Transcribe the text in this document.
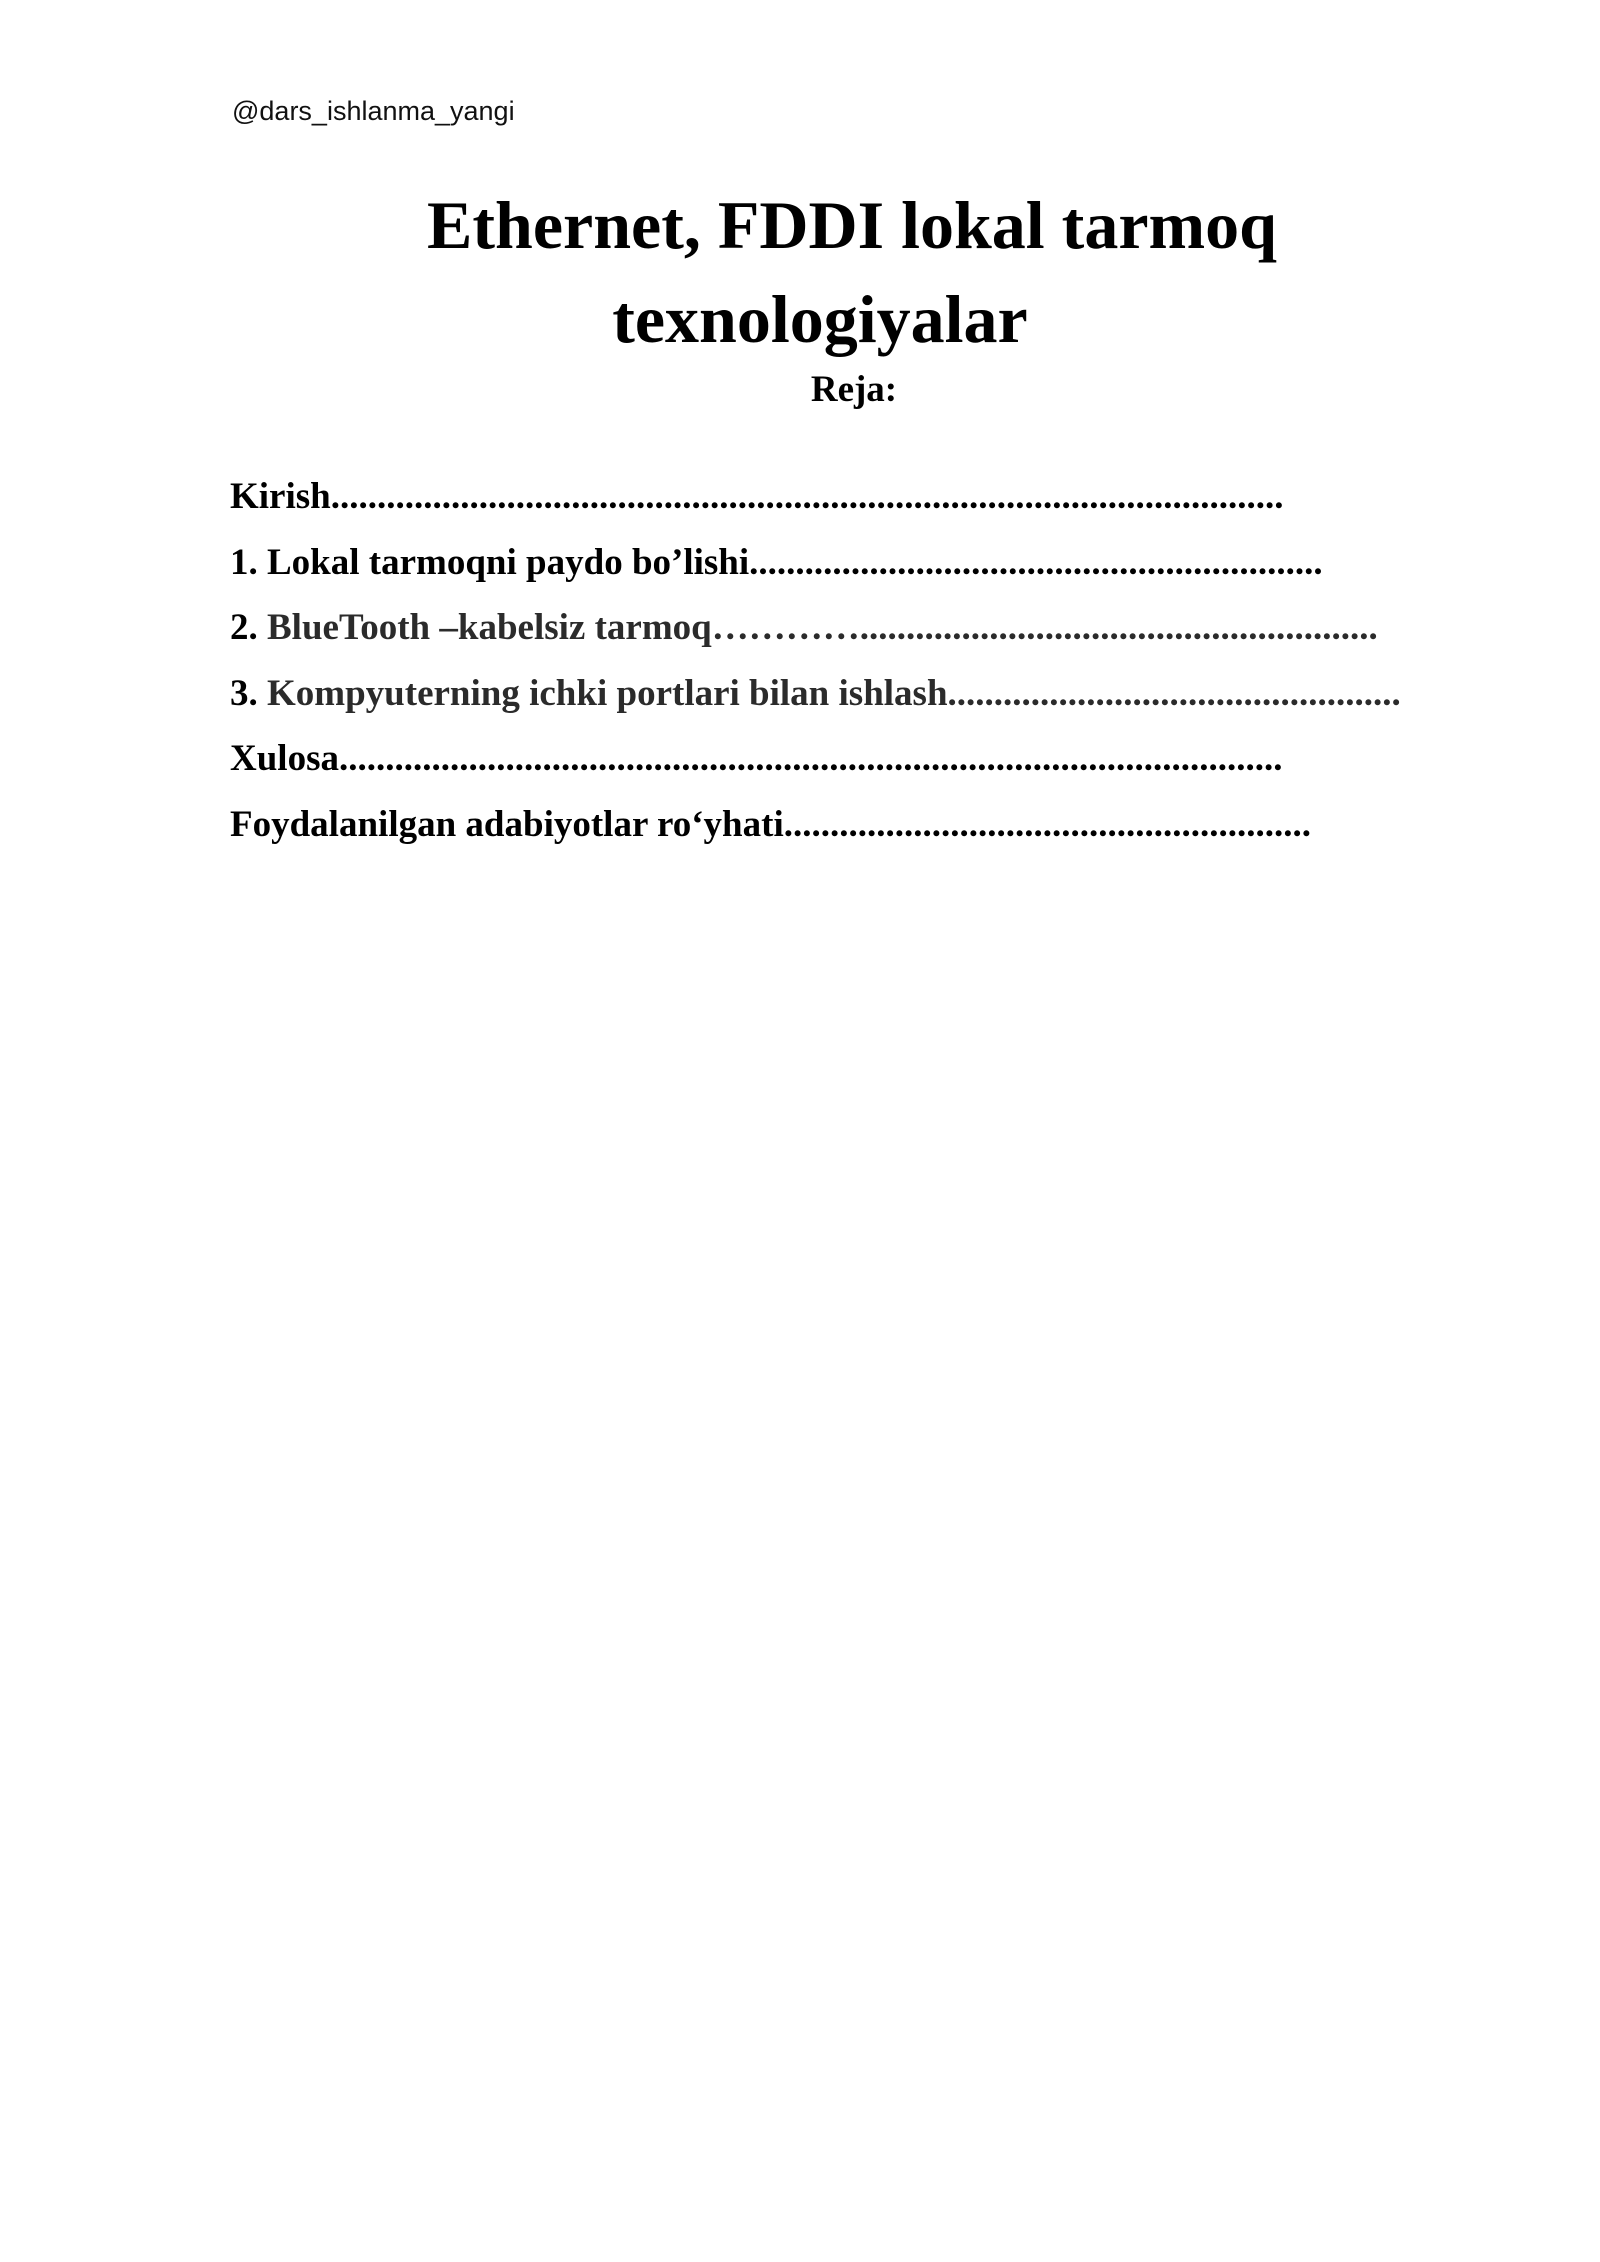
@dars_ishlanma_yangi
Ethernet, FDDI lokal tarmoq
texnologiyalar
Reja:
Kirish.......................................................................................................
1. Lokal tarmoqni paydo bo’lishi..............................................................
2. BlueTooth –kabelsiz tarmoq…………........................................................
3. Kompyuterning ichki portlari bilan ishlash.................................................
Xulosa......................................................................................................
Foydalanilgan adabiyotlar ro‘yhati.........................................................
